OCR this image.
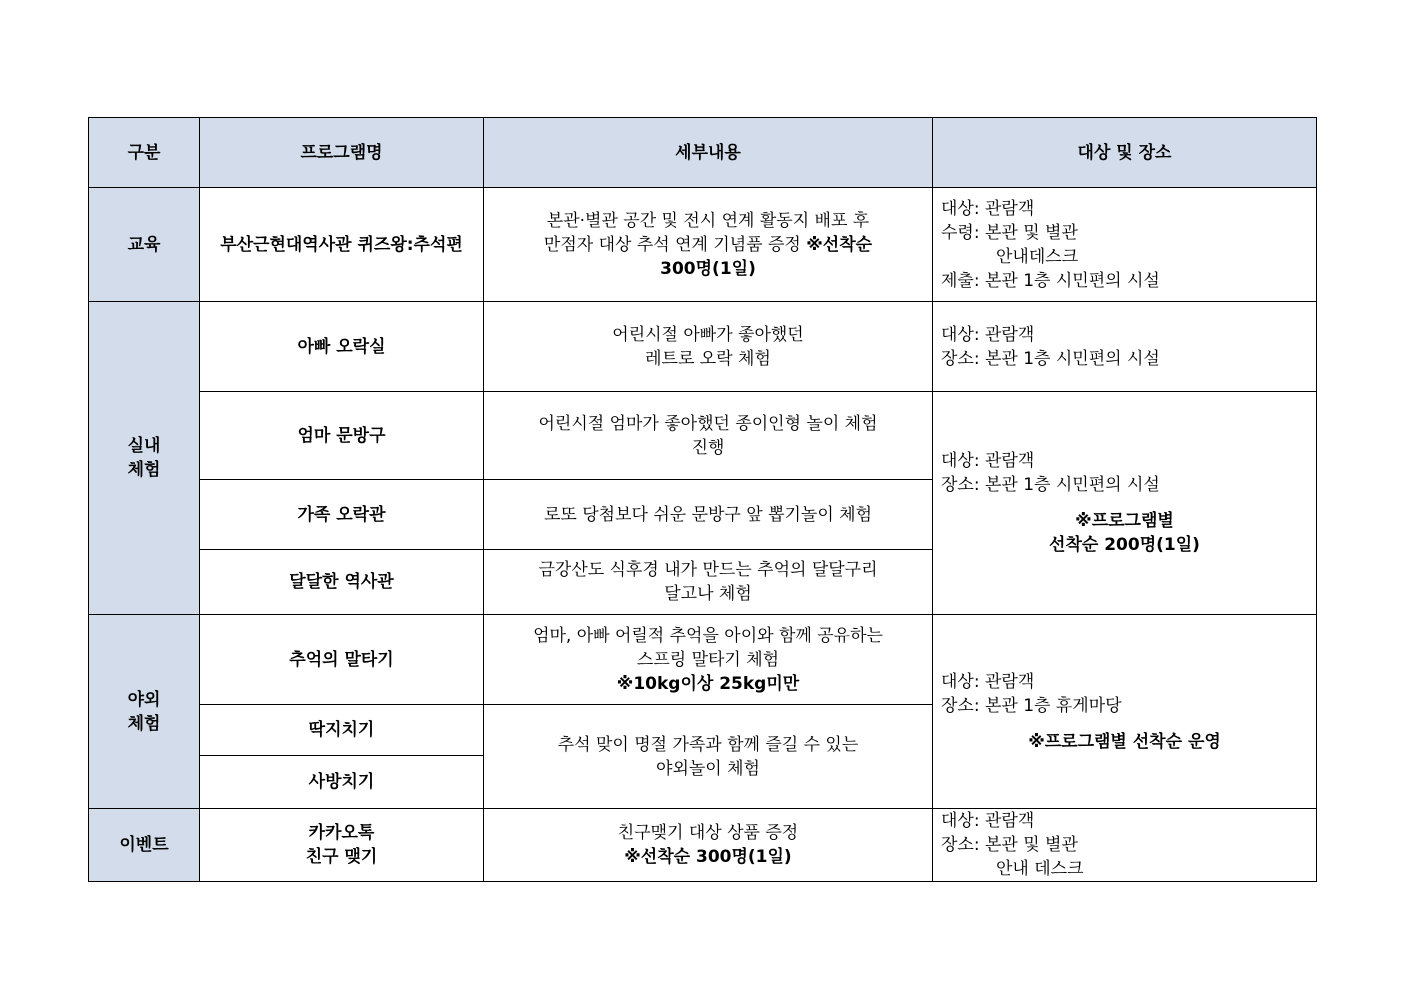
구분	프로그램명	세부내용	대상 및 장소
교육	부산근현대역사관 퀴즈왕:추석편	본관·별관 공간 및 전시 연계 활동지 배포 후
만점자 대상 추석 연계 기념품 증정 ※선착순
300명(1일)	대상: 관람객
수령: 본관 및 별관
안내데스크
제출: 본관 1층 시민편의 시설

실내
체험	아빠 오락실	어린시절 아빠가 좋아했던
레트로 오락 체험	대상: 관람객
장소: 본관 1층 시민편의 시설

	엄마 문방구	어린시절 엄마가 좋아했던 종이인형 놀이 체험
진행	대상: 관람객
장소: 본관 1층 시민편의 시설
※프로그램별
선착순 200명(1일)

	가족 오락관	로또 당첨보다 쉬운 문방구 앞 뽑기놀이 체험	

	달달한 역사관	금강산도 식후경 내가 만드는 추억의 달달구리
달고나 체험	

야외
체험	추억의 말타기	엄마, 아빠 어릴적 추억을 아이와 함께 공유하는
스프링 말타기 체험
※10kg이상 25kg미만	대상: 관람객
장소: 본관 1층 휴게마당
※프로그램별 선착순 운영

	딱지치기	추석 맞이 명절 가족과 함께 즐길 수 있는
야외놀이 체험	

	사방치기		
이벤트	카카오톡
친구 맺기	친구맺기 대상 상품 증정
※선착순 300명(1일)	대상: 관람객
장소: 본관 및 별관
안내 데스크
